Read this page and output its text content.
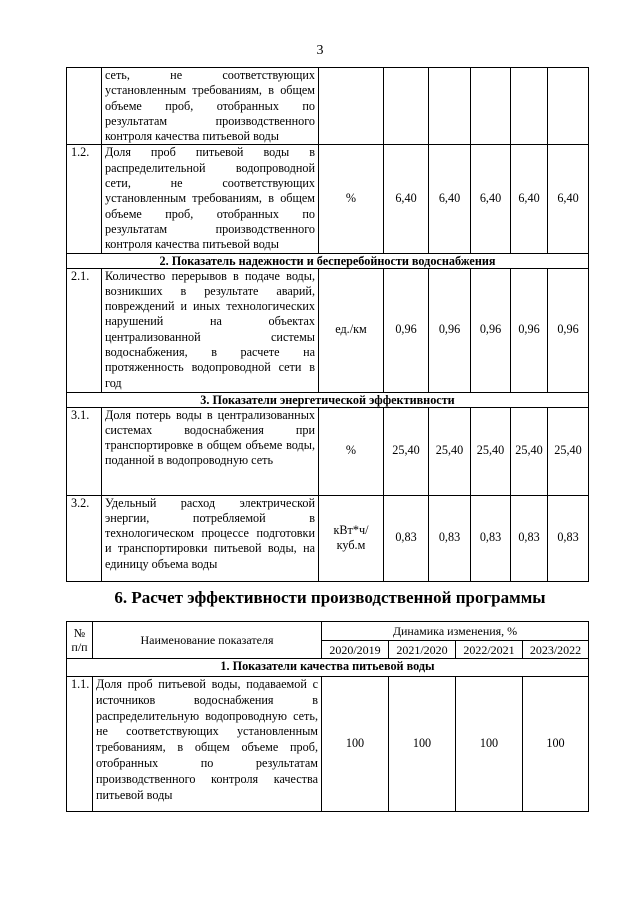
3
	сеть, не соответствующих установленным требованиям, в общем объеме проб, отобранных по результатам производственного контроля качества питьевой воды						
1.2.	Доля проб питьевой воды в распределительной водопроводной сети, не соответствующих установленным требованиям, в общем объеме проб, отобранных по результатам производственного контроля качества питьевой воды	%	6,40	6,40	6,40	6,40	6,40
2. Показатель надежности и бесперебойности водоснабжения							
2.1.	Количество перерывов в подаче воды, возникших в результате аварий, повреждений и иных технологических нарушений на объектах централизованной системы водоснабжения, в расчете на протяженность водопроводной сети в год	ед./км	0,96	0,96	0,96	0,96	0,96
3. Показатели энергетической эффективности							
3.1.	Доля потерь воды в централизованных системах водоснабжения при транспортировке в общем объеме воды, поданной в водопроводную сеть	%	25,40	25,40	25,40	25,40	25,40
3.2.	Удельный расход электрической энергии, потребляемой в технологическом процессе подготовки и транспортировки питьевой воды, на единицу объема воды	кВт*ч/ куб.м	0,83	0,83	0,83	0,83	0,83
6. Расчет эффективности производственной программы
№ п/п	Наименование показателя	Динамика изменения, %			
		2020/2019	2021/2020	2022/2021	2023/2022
1. Показатели качества питьевой воды					
1.1.	Доля проб питьевой воды, подаваемой с источников водоснабжения в распределительную водопроводную сеть, не соответствующих установленным требованиям, в общем объеме проб, отобранных по результатам производственного контроля качества питьевой воды	100	100	100	100
